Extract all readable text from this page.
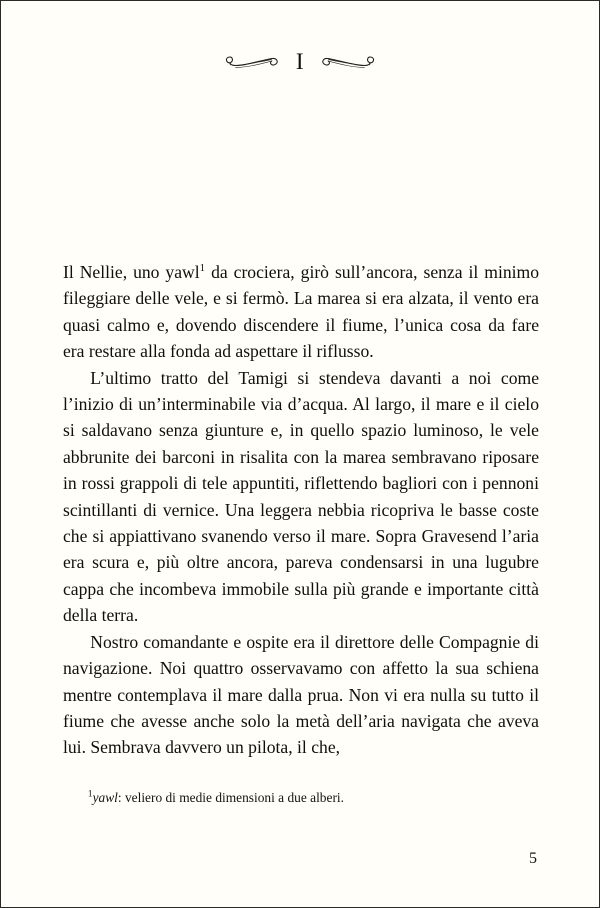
I

Il Nellie, uno yawl$^1$ da crociera, girò sull’ancora, senza il minimo fileggiare delle vele, e si fermò. La marea si era alzata, il vento era quasi calmo e, dovendo discendere il fiume, l’unica cosa da fare era restare alla fonda ad aspettare il riflusso.

L’ultimo tratto del Tamigi si stendeva davanti a noi come l’inizio di un’interminabile via d’acqua. Al largo, il mare e il cielo si saldavano senza giunture e, in quello spazio luminoso, le vele abbrunite dei barconi in risalita con la marea sembravano riposare in rossi grappoli di tele appuntiti, riflettendo bagliori con i pennoni scintillanti di vernice. Una leggera nebbia ricopriva le basse coste che si appiattivano svanendo verso il mare. Sopra Gravesend l’aria era scura e, più oltre ancora, pareva condensarsi in una lugubre cappa che incombeva immobile sulla più grande e importante città della terra.

Nostro comandante e ospite era il direttore delle Compagnie di navigazione. Noi quattro osservavamo con affetto la sua schiena mentre contemplava il mare dalla prua. Non vi era nulla su tutto il fiume che avesse anche solo la metà dell’aria navigata che aveva lui. Sembrava davvero un pilota, il che,

$^1$yawl: veliero di medie dimensioni a due alberi.

5
